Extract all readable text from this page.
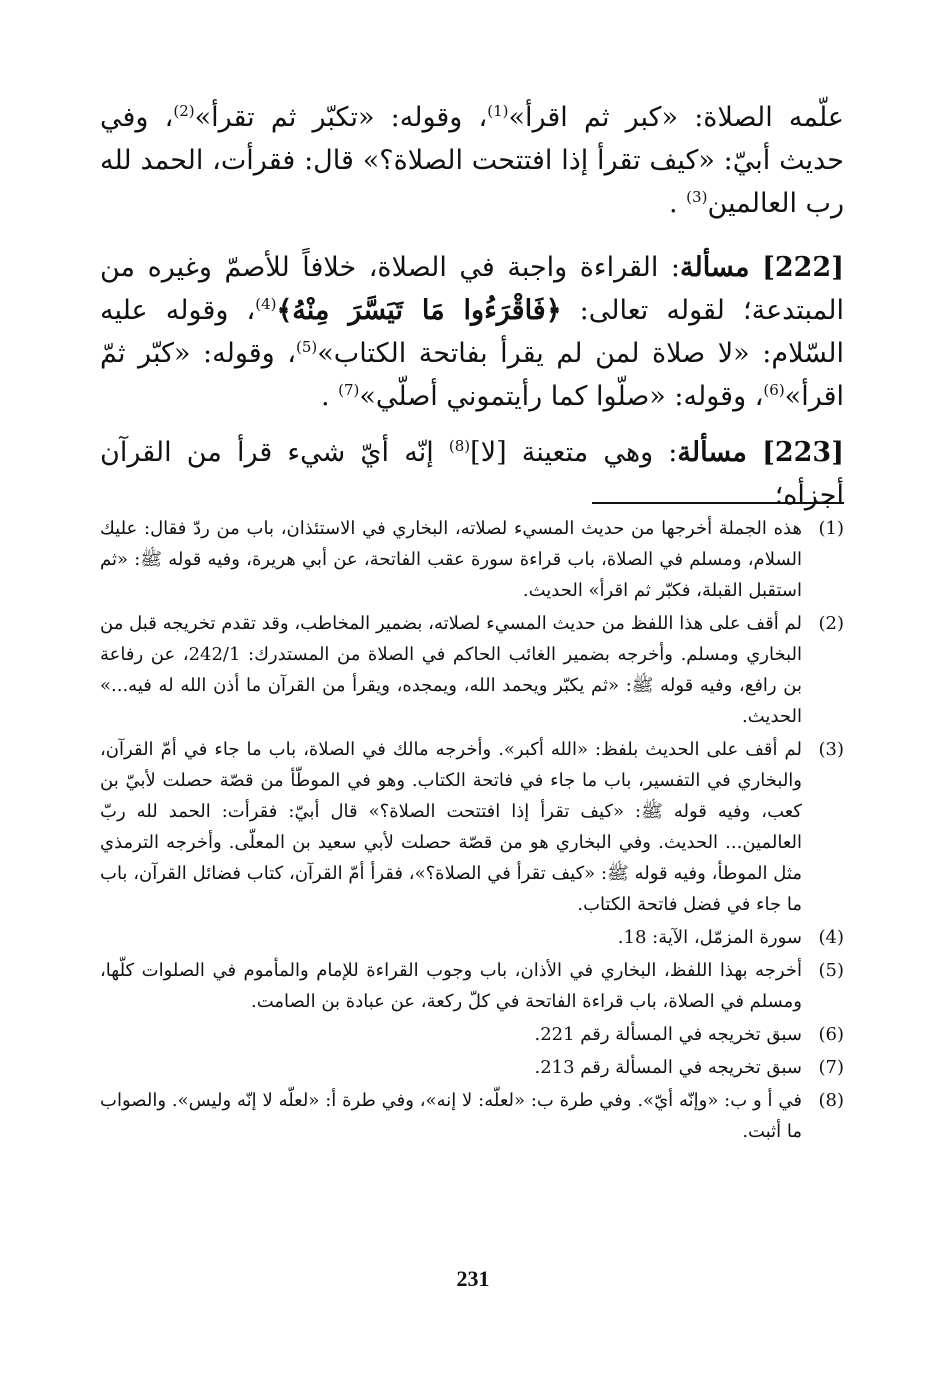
علّمه الصلاة: «كبر ثم اقرأ»$^{(1)}$، وقوله: «تكبّر ثم تقرأ»$^{(2)}$، وفي حديث أبيّ: «كيف تقرأ إذا افتتحت الصلاة؟» قال: فقرأت، الحمد لله رب العالمين$^{(3)}$ .

[222] مسألة: القراءة واجبة في الصلاة، خلافاً للأصمّ وغيره من المبتدعة؛ لقوله تعالى: ﴿فَاقْرَءُوا مَا تَيَسَّرَ مِنْهُ﴾$^{(4)}$، وقوله عليه السّلام: «لا صلاة لمن لم يقرأ بفاتحة الكتاب»$^{(5)}$، وقوله: «كبّر ثمّ اقرأ»$^{(6)}$، وقوله: «صلّوا كما رأيتموني أصلّي»$^{(7)}$ .

[223] مسألة: وهي متعينة [لا]$^{(8)}$ إنّه أيّ شيء قرأ من القرآن أجزأه؛

(1)
هذه الجملة أخرجها من حديث المسيء لصلاته، البخاري في الاستئذان، باب من ردّ فقال: عليك السلام، ومسلم في الصلاة، باب قراءة سورة عقب الفاتحة، عن أبي هريرة، وفيه قوله ﷺ: «ثم استقبل القبلة، فكبّر ثم اقرأ» الحديث.
(2)
لم أقف على هذا اللفظ من حديث المسيء لصلاته، بضمير المخاطب، وقد تقدم تخريجه قبل من البخاري ومسلم. وأخرجه بضمير الغائب الحاكم في الصلاة من المستدرك: 242/1، عن رفاعة بن رافع، وفيه قوله ﷺ: «ثم يكبّر ويحمد الله، ويمجده، ويقرأ من القرآن ما أذن الله له فيه...» الحديث.
(3)
لم أقف على الحديث بلفظ: «الله أكبر». وأخرجه مالك في الصلاة، باب ما جاء في أمّ القرآن، والبخاري في التفسير، باب ما جاء في فاتحة الكتاب. وهو في الموطّأ من قصّة حصلت لأبيّ بن كعب، وفيه قوله ﷺ: «كيف تقرأ إذا افتتحت الصلاة؟» قال أبيّ: فقرأت: الحمد لله ربّ العالمين... الحديث. وفي البخاري هو من قصّة حصلت لأبي سعيد بن المعلّى. وأخرجه الترمذي مثل الموطأ، وفيه قوله ﷺ: «كيف تقرأ في الصلاة؟»، فقرأ أمّ القرآن، كتاب فضائل القرآن، باب ما جاء في فضل فاتحة الكتاب.
(4)
سورة المزمّل، الآية: 18.
(5)
أخرجه بهذا اللفظ، البخاري في الأذان، باب وجوب القراءة للإمام والمأموم في الصلوات كلّها، ومسلم في الصلاة، باب قراءة الفاتحة في كلّ ركعة، عن عبادة بن الصامت.
(6)
سبق تخريجه في المسألة رقم 221.
(7)
سبق تخريجه في المسألة رقم 213.
(8)
في أ و ب: «وإنّه أيّ». وفي طرة ب: «لعلّه: لا إنه»، وفي طرة أ: «لعلّه لا إنّه وليس». والصواب ما أثبت.
231
